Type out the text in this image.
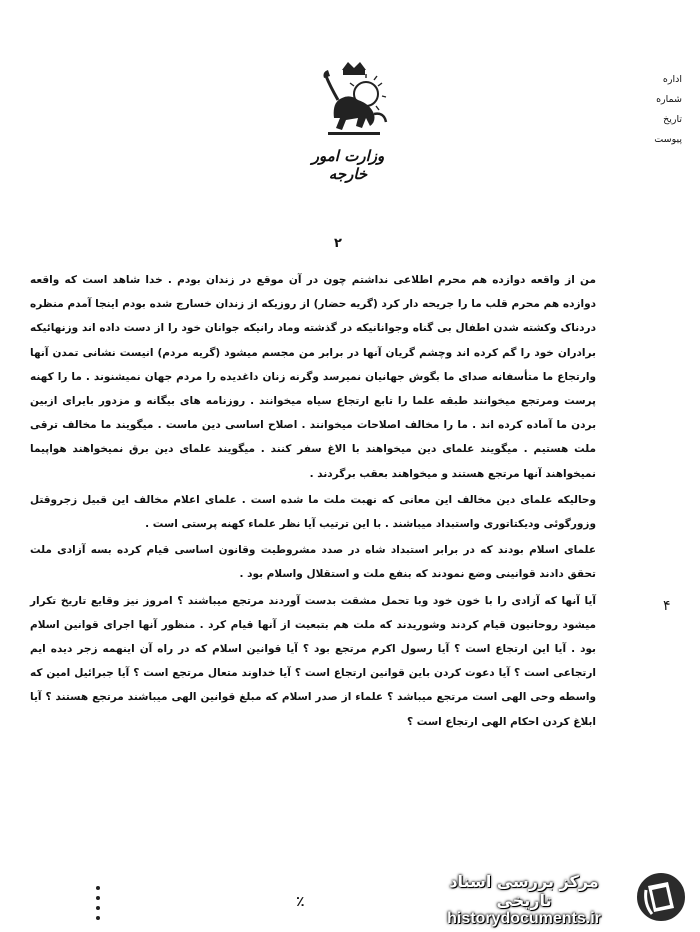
وزارت امور خارجه
اداره
شماره
تاریخ
پیوست
۲

من از واقعه دوازده هم محرم اطلاعی نداشتم چون در آن موقع در زندان بودم . خدا شاهد است که واقعه دوازده هم محرم قلب ما را جریحه دار کرد (گریه حضار) از روزیکه از زندان خسارج شده بودم اینجا آمدم منظره دردناک وکشته شدن اطفال بی گناه وجوانانیکه در گذشته وماد رانیکه جوانان خود را از دست داده اند وزنهائیکه برادران خود را گم کرده اند وچشم گریان آنها در برابر من مجسم میشود (گریه مردم) انیست نشانی تمدن آنها وارتجاع ما متأسفانه صدای ما بگوش جهانیان نمیرسد وگرنه زنان داغدیده را مردم جهان نمیشنوند . ما را کهنه پرست ومرتجع میخوانند طبقه علما را تابع ارتجاع سیاه میخوانند . روزنامه های بیگانه و مزدور بایرای ازبین بردن ما آماده کرده اند . ما را مخالف اصلاحات میخوانند . اصلاح اساسی دین ماست . میگویند ما مخالف ترقی ملت هستیم . میگویند علمای دین میخواهند با الاغ سفر کنند . میگویند علمای دین برق نمیخواهند هواپیما نمیخواهند آنها مرتجع هستند و میخواهند بعقب برگردند .

وحالیکه علمای دین مخالف این معانی که نهبت ملت ما شده است . علمای اعلام مخالف این قبیل زجروقتل وزورگوئی ودیکتاتوری واستبداد میباشند . با این ترتیب آیا نظر علماء کهنه پرستی است .

علمای اسلام بودند که در برابر استبداد شاه در صدد مشروطیت وقانون اساسی قیام کرده بسه آزادی ملت تحقق دادند قوانینی وضع نمودند که بنفع ملت و استقلال واسلام بود .

آیا آنها که آزادی را با خون خود وبا تحمل مشقت بدست آوردند مرتجع میباشند ؟ امروز نیز وقایع تاریخ تکرار میشود روحانیون قیام کردند وشوریدند که ملت هم بتبعیت از آنها قیام کرد . منظور آنها اجرای قوانین اسلام بود . آیا این ارتجاع است ؟ آیا رسول اکرم مرتجع بود ؟ آیا قوانین اسلام که در راه آن اینهمه زجر دیده ایم ارتجاعی است ؟ آیا دعوت کردن باین قوانین ارتجاع است ؟ آیا خداوند متعال مرتجع است ؟ آیا جبرائیل امین که واسطه وحی الهی است مرتجع میباشد ؟ علماء از صدر اسلام که مبلغ قوانین الهی میباشند مرتجع هستند ؟ آیا ابلاغ کردن احکام الهی ارتجاع است ؟

۴
٪
مرکز بررسی اسناد تاریخی
historydocuments.ir
